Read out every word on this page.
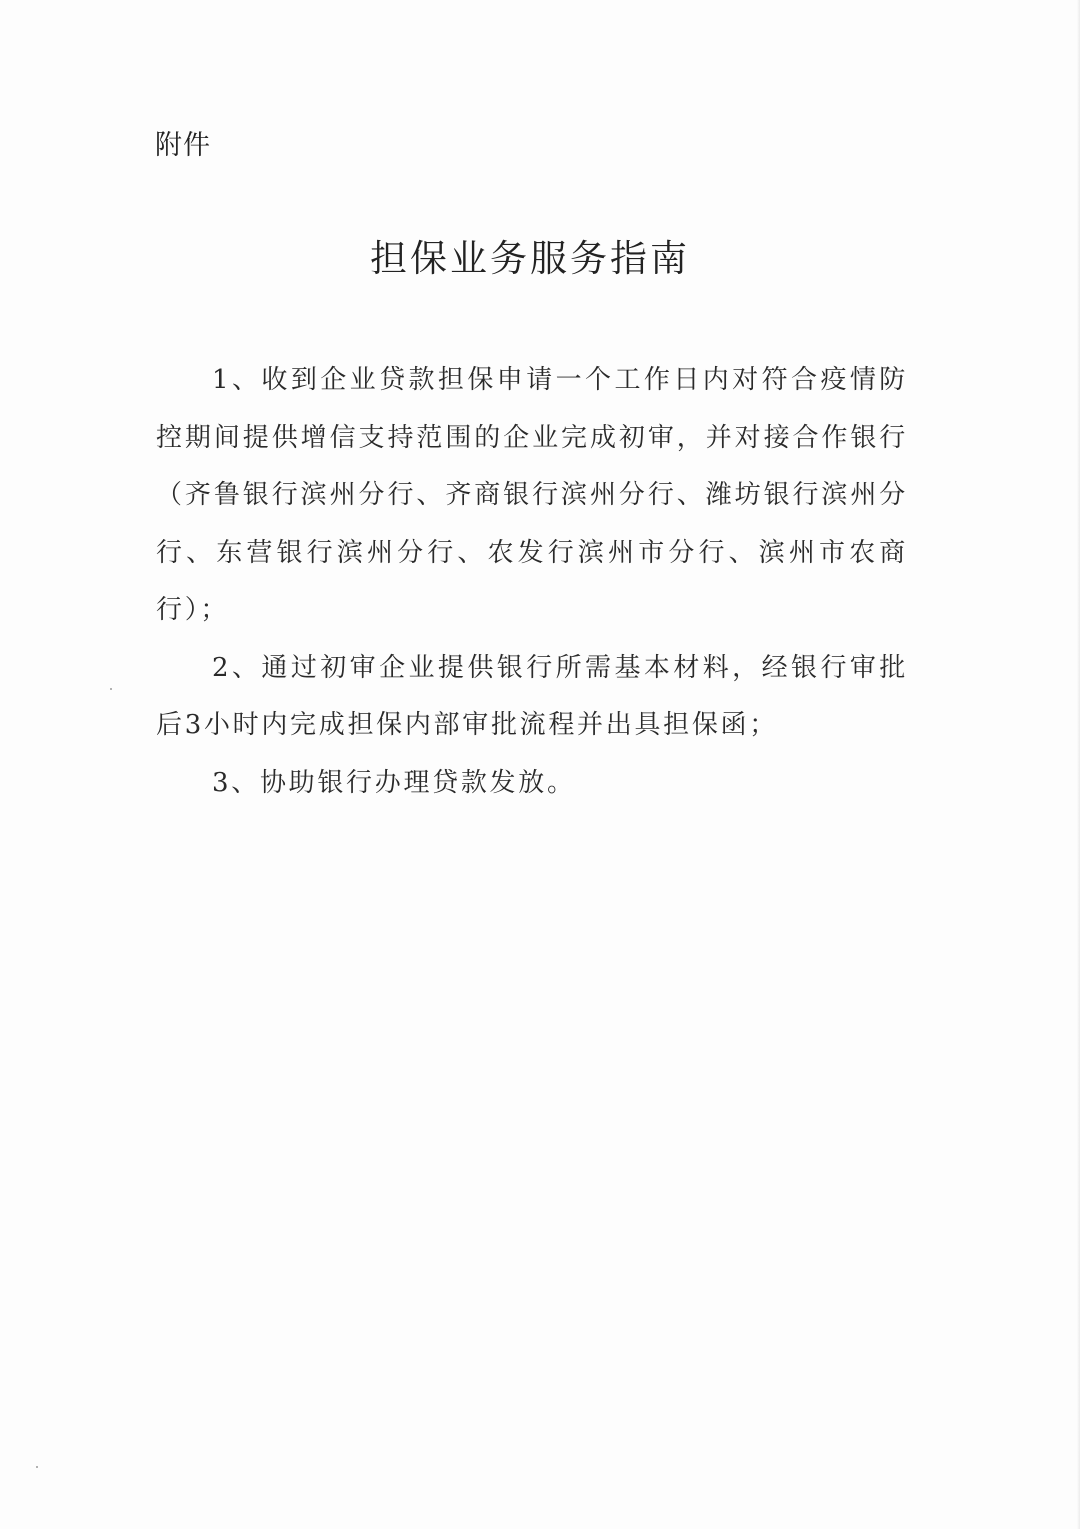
附件
担保业务服务指南

1、收到企业贷款担保申请一个工作日内对符合疫情防控期间提供增信支持范围的企业完成初审，并对接合作银行（齐鲁银行滨州分行、齐商银行滨州分行、潍坊银行滨州分行、东营银行滨州分行、农发行滨州市分行、滨州市农商行）；

2、通过初审企业提供银行所需基本材料，经银行审批后3小时内完成担保内部审批流程并出具担保函；

3、协助银行办理贷款发放。
